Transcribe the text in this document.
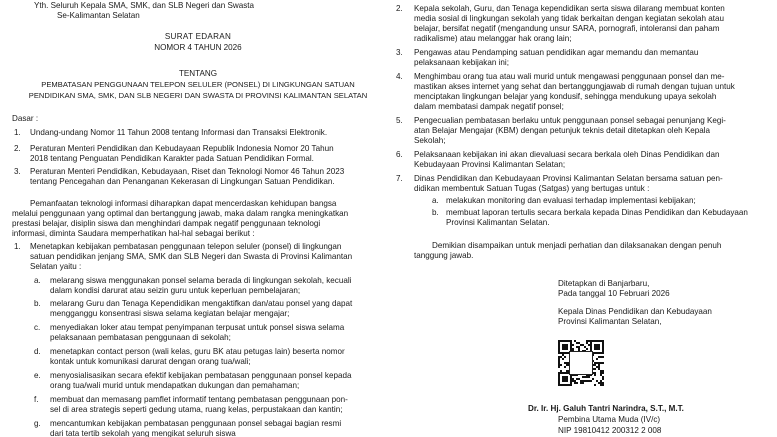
Yth. Seluruh Kepala SMA, SMK, dan SLB Negeri dan Swasta
Se-Kalimantan Selatan
SURAT EDARAN
NOMOR 4 TAHUN 2026
TENTANG
PEMBATASAN PENGGUNAAN TELEPON SELULER (PONSEL) DI LINGKUNGAN SATUAN
PENDIDIKAN SMA, SMK, DAN SLB NEGERI DAN SWASTA DI PROVINSI KALIMANTAN SELATAN
Dasar :
1. Undang-undang Nomor 11 Tahun 2008 tentang Informasi dan Transaksi Elektronik.
2. Peraturan Menteri Pendidikan dan Kebudayaan Republik Indonesia Nomor 20 Tahun
2018 tentang Penguatan Pendidikan Karakter pada Satuan Pendidikan Formal.
3. Peraturan Menteri Pendidikan, Kebudayaan, Riset dan Teknologi Nomor 46 Tahun 2023
tentang Pencegahan dan Penanganan Kekerasan di Lingkungan Satuan Pendidikan.
Pemanfaatan teknologi informasi diharapkan dapat mencerdaskan kehidupan bangsa
melalui penggunaan yang optimal dan bertanggung jawab, maka dalam rangka meningkatkan
prestasi belajar, disiplin siswa dan menghindari dampak negatif penggunaan teknologi
informasi, diminta Saudara memperhatikan hal-hal sebagai berikut :
1. Menetapkan kebijakan pembatasan penggunaan telepon seluler (ponsel) di lingkungan
satuan pendidikan jenjang SMA, SMK dan SLB Negeri dan Swasta di Provinsi Kalimantan
Selatan yaitu :
a. melarang siswa menggunakan ponsel selama berada di lingkungan sekolah, kecuali
dalam kondisi darurat atau seizin guru untuk keperluan pembelajaran;
b. melarang Guru dan Tenaga Kependidikan mengaktifkan dan/atau ponsel yang dapat
mengganggu konsentrasi siswa selama kegiatan belajar mengajar;
c. menyediakan loker atau tempat penyimpanan terpusat untuk ponsel siswa selama
pelaksanaan pembatasan penggunaan di sekolah;
d. menetapkan contact person (wali kelas, guru BK atau petugas lain) beserta nomor
kontak untuk komunikasi darurat dengan orang tua/wali;
e. menyosialisasikan secara efektif kebijakan pembatasan penggunaan ponsel kepada
orang tua/wali murid untuk mendapatkan dukungan dan pemahaman;
f. membuat dan memasang pamflet informatif tentang pembatasan penggunaan pon-
sel di area strategis seperti gedung utama, ruang kelas, perpustakaan dan kantin;
g. mencantumkan kebijakan pembatasan penggunaan ponsel sebagai bagian resmi
dari tata tertib sekolah yang mengikat seluruh siswa
2. Kepala sekolah, Guru, dan Tenaga kependidikan serta siswa dilarang membuat konten
media sosial di lingkungan sekolah yang tidak berkaitan dengan kegiatan sekolah atau
belajar, bersifat negatif (mengandung unsur SARA, pornografi, intoleransi dan paham
radikalisme) atau melanggar hak orang lain;
3. Pengawas atau Pendamping satuan pendidikan agar memandu dan memantau
pelaksanaan kebijakan ini;
4. Menghimbau orang tua atau wali murid untuk mengawasi penggunaan ponsel dan me-
mastikan akses internet yang sehat dan bertanggungjawab di rumah dengan tujuan untuk
menciptakan lingkungan belajar yang kondusif, sehingga mendukung upaya sekolah
dalam membatasi dampak negatif ponsel;
5. Pengecualian pembatasan berlaku untuk penggunaan ponsel sebagai penunjang Kegi-
atan Belajar Mengajar (KBM) dengan petunjuk teknis detail ditetapkan oleh Kepala
Sekolah;
6. Pelaksanaan kebijakan ini akan dievaluasi secara berkala oleh Dinas Pendidikan dan
Kebudayaan Provinsi Kalimantan Selatan;
7. Dinas Pendidikan dan Kebudayaan Provinsi Kalimantan Selatan bersama satuan pen-
didikan membentuk Satuan Tugas (Satgas) yang bertugas untuk :
a. melakukan monitoring dan evaluasi terhadap implementasi kebijakan;
b. membuat laporan tertulis secara berkala kepada Dinas Pendidikan dan Kebudayaan
Provinsi Kalimantan Selatan.
Demikian disampaikan untuk menjadi perhatian dan dilaksanakan dengan penuh
tanggung jawab.
Ditetapkan di Banjarbaru,
Pada tanggal 10 Februari 2026
Kepala Dinas Pendidikan dan Kebudayaan
Provinsi Kalimantan Selatan,
Dr. Ir. Hj. Galuh Tantri Narindra, S.T., M.T.
Pembina Utama Muda (IV/c)
NIP 19810412 200312 2 008
